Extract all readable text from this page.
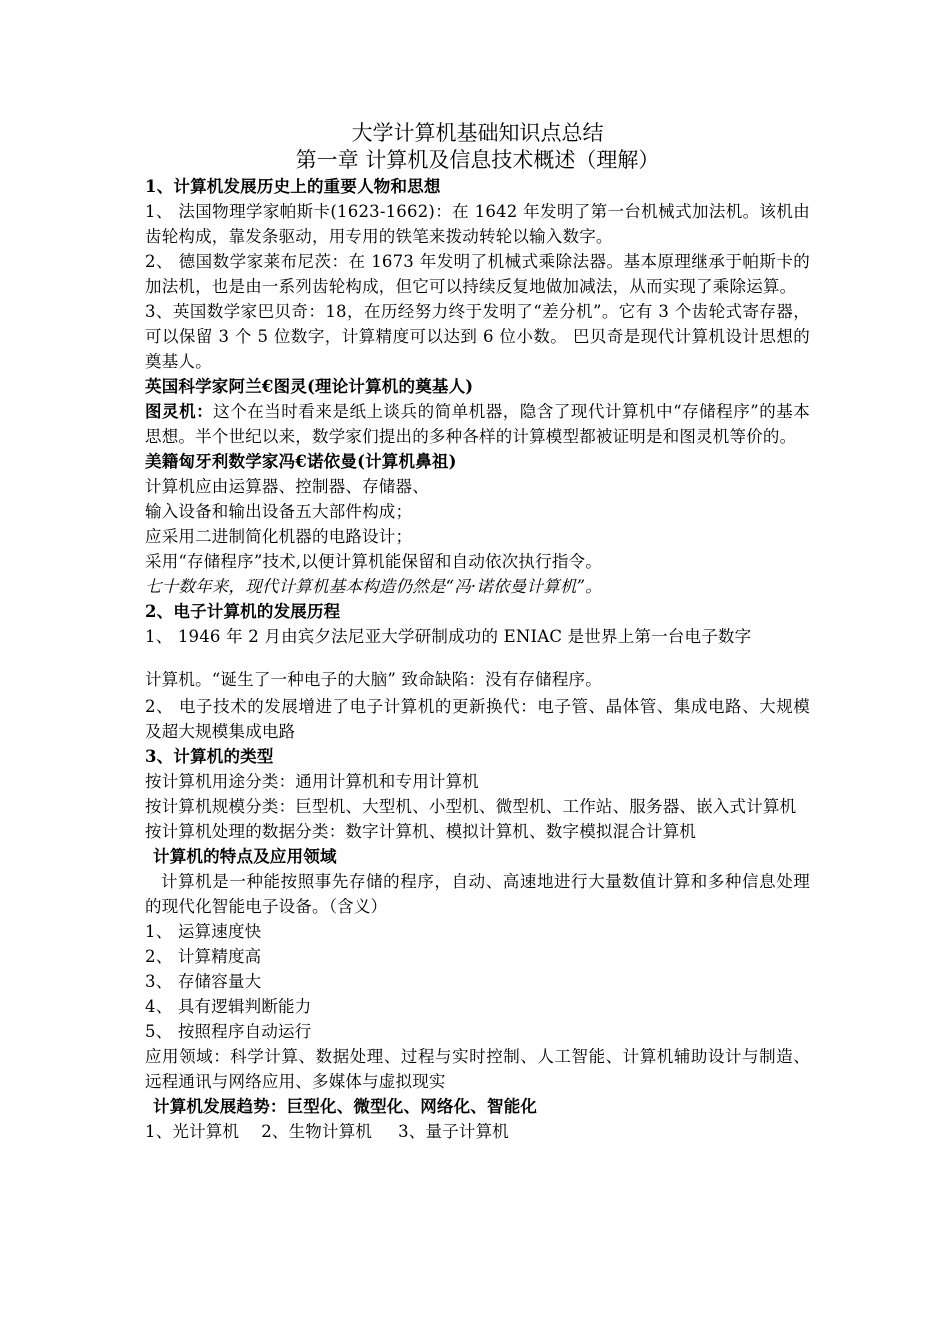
大学计算机基础知识点总结

第一章 计算机及信息技术概述（理解）

1、计算机发展历史上的重要人物和思想

1、 法国物理学家帕斯卡(1623-1662)：在 1642 年发明了第一台机械式加法机。该机由齿轮构成，靠发条驱动，用专用的铁笔来拨动转轮以输入数字。

2、 德国数学家莱布尼茨：在 1673 年发明了机械式乘除法器。基本原理继承于帕斯卡的加法机，也是由一系列齿轮构成，但它可以持续反复地做加减法，从而实现了乘除运算。

3、英国数学家巴贝奇：18，在历经努力终于发明了“差分机”。它有 3 个齿轮式寄存器，可以保留 3 个 5 位数字，计算精度可以达到 6 位小数。 巴贝奇是现代计算机设计思想的奠基人。

英国科学家阿兰€图灵(理论计算机的奠基人)

图灵机：这个在当时看来是纸上谈兵的简单机器，隐含了现代计算机中“存储程序”的基本思想。半个世纪以来，数学家们提出的多种各样的计算模型都被证明是和图灵机等价的。

美籍匈牙利数学家冯€诺依曼(计算机鼻祖)

计算机应由运算器、控制器、存储器、

输入设备和输出设备五大部件构成；

应采用二进制简化机器的电路设计；

采用“存储程序”技术,以便计算机能保留和自动依次执行指令。

七十数年来，现代计算机基本构造仍然是“冯·诺依曼计算机”。

2、电子计算机的发展历程

1、 1946 年 2 月由宾夕法尼亚大学研制成功的 ENIAC 是世界上第一台电子数字

计算机。“诞生了一种电子的大脑” 致命缺陷：没有存储程序。

2、 电子技术的发展增进了电子计算机的更新换代：电子管、晶体管、集成电路、大规模及超大规模集成电路

3、计算机的类型

按计算机用途分类：通用计算机和专用计算机

按计算机规模分类：巨型机、大型机、小型机、微型机、工作站、服务器、嵌入式计算机

按计算机处理的数据分类：数字计算机、模拟计算机、数字模拟混合计算机

计算机的特点及应用领域

计算机是一种能按照事先存储的程序，自动、高速地进行大量数值计算和多种信息处理的现代化智能电子设备。（含义）

1、 运算速度快

2、 计算精度高

3、 存储容量大

4、 具有逻辑判断能力

5、 按照程序自动运行

应用领域：科学计算、数据处理、过程与实时控制、人工智能、计算机辅助设计与制造、远程通讯与网络应用、多媒体与虚拟现实

计算机发展趋势：巨型化、微型化、网络化、智能化

1、光计算机 2、生物计算机 3、量子计算机
